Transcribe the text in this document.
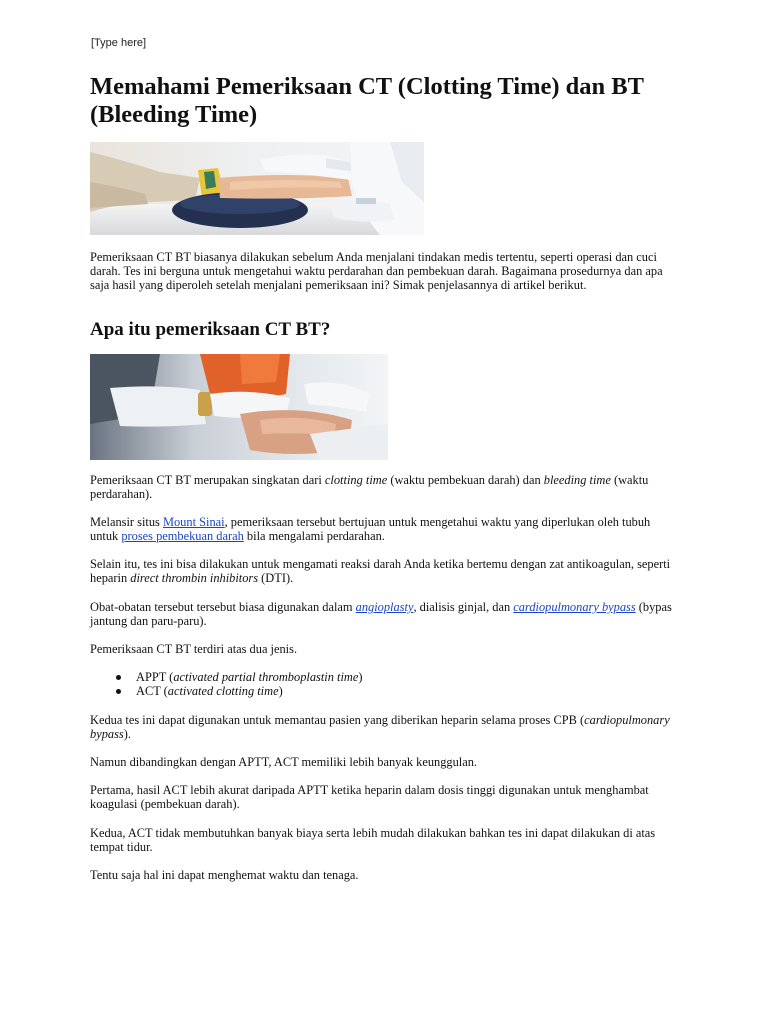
[Type here]
Memahami Pemeriksaan CT (Clotting Time) dan BT (Bleeding Time)

Pemeriksaan CT BT biasanya dilakukan sebelum Anda menjalani tindakan medis tertentu, seperti operasi dan cuci darah. Tes ini berguna untuk mengetahui waktu perdarahan dan pembekuan darah. Bagaimana prosedurnya dan apa saja hasil yang diperoleh setelah menjalani pemeriksaan ini? Simak penjelasannya di artikel berikut.

Apa itu pemeriksaan CT BT?

Pemeriksaan CT BT merupakan singkatan dari clotting time (waktu pembekuan darah) dan bleeding time (waktu perdarahan).

Melansir situs Mount Sinai, pemeriksaan tersebut bertujuan untuk mengetahui waktu yang diperlukan oleh tubuh untuk proses pembekuan darah bila mengalami perdarahan.

Selain itu, tes ini bisa dilakukan untuk mengamati reaksi darah Anda ketika bertemu dengan zat antikoagulan, seperti heparin direct thrombin inhibitors (DTI).

Obat-obatan tersebut tersebut biasa digunakan dalam angioplasty, dialisis ginjal, dan cardiopulmonary bypass (bypas jantung dan paru-paru).

Pemeriksaan CT BT terdiri atas dua jenis.

APPT (activated partial thromboplastin time)
ACT (activated clotting time)

Kedua tes ini dapat digunakan untuk memantau pasien yang diberikan heparin selama proses CPB (cardiopulmonary bypass).

Namun dibandingkan dengan APTT, ACT memiliki lebih banyak keunggulan.

Pertama, hasil ACT lebih akurat daripada APTT ketika heparin dalam dosis tinggi digunakan untuk menghambat koagulasi (pembekuan darah).

Kedua, ACT tidak membutuhkan banyak biaya serta lebih mudah dilakukan bahkan tes ini dapat dilakukan di atas tempat tidur.

Tentu saja hal ini dapat menghemat waktu dan tenaga.
